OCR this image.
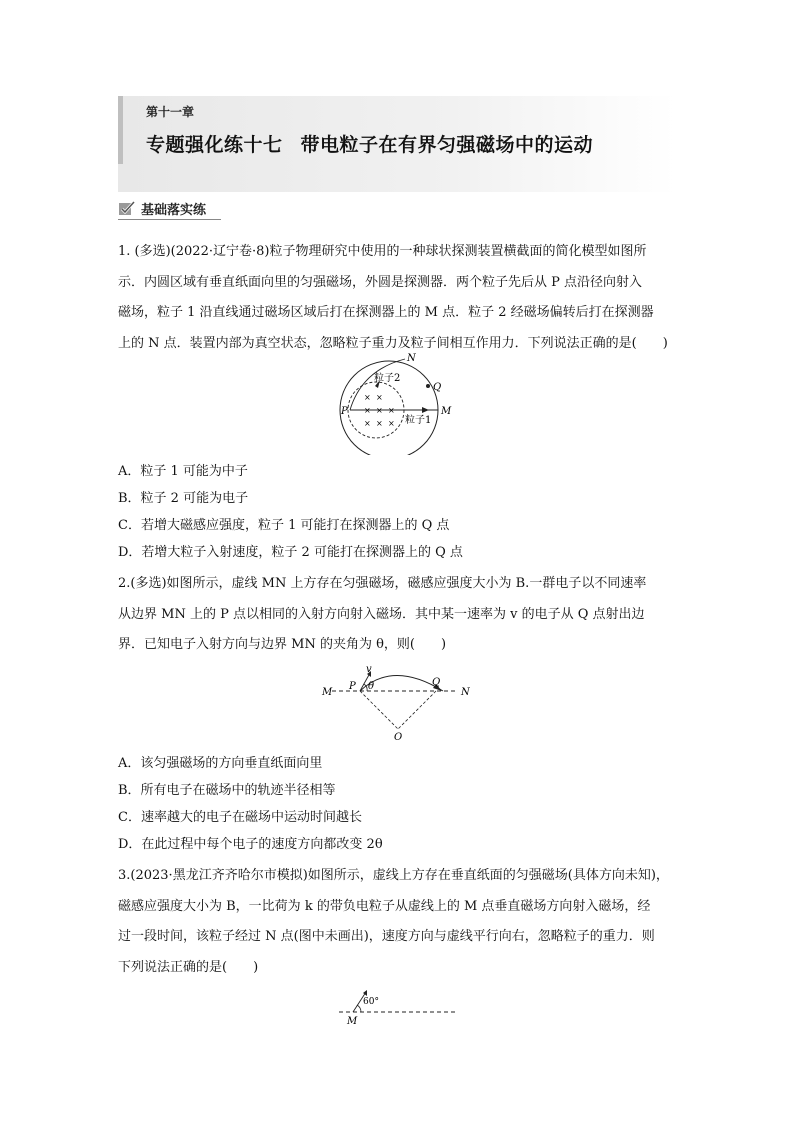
第十一章
专题强化练十七 带电粒子在有界匀强磁场中的运动
基础落实练
1. (多选)(2022·辽宁卷·8)粒子物理研究中使用的一种球状探测装置横截面的简化模型如图所
示．内圆区域有垂直纸面向里的匀强磁场，外圆是探测器．两个粒子先后从 P 点沿径向射入
磁场，粒子 1 沿直线通过磁场区域后打在探测器上的 M 点．粒子 2 经磁场偏转后打在探测器
上的 N 点．装置内部为真空状态，忽略粒子重力及粒子间相互作用力．下列说法正确的是(　　)
× ×
× × ×
× × ×
N
Q
P	M
粒子2
粒子1
A．粒子 1 可能为中子
B．粒子 2 可能为电子
C．若增大磁感应强度，粒子 1 可能打在探测器上的 Q 点
D．若增大粒子入射速度，粒子 2 可能打在探测器上的 Q 点
2.(多选)如图所示，虚线 MN 上方存在匀强磁场，磁感应强度大小为 B.一群电子以不同速率
从边界 MN 上的 P 点以相同的入射方向射入磁场．其中某一速率为 v 的电子从 Q 点射出边
界．已知电子入射方向与边界 MN 的夹角为 θ，则(　　)
M
P
v
θ	Q
N
O
A．该匀强磁场的方向垂直纸面向里
B．所有电子在磁场中的轨迹半径相等
C．速率越大的电子在磁场中运动时间越长
D．在此过程中每个电子的速度方向都改变 2θ
3.(2023·黑龙江齐齐哈尔市模拟)如图所示，虚线上方存在垂直纸面的匀强磁场(具体方向未知)，
磁感应强度大小为 B，一比荷为 k 的带负电粒子从虚线上的 M 点垂直磁场方向射入磁场，经
过一段时间，该粒子经过 N 点(图中未画出)，速度方向与虚线平行向右，忽略粒子的重力．则
下列说法正确的是(　　)
60°
M
